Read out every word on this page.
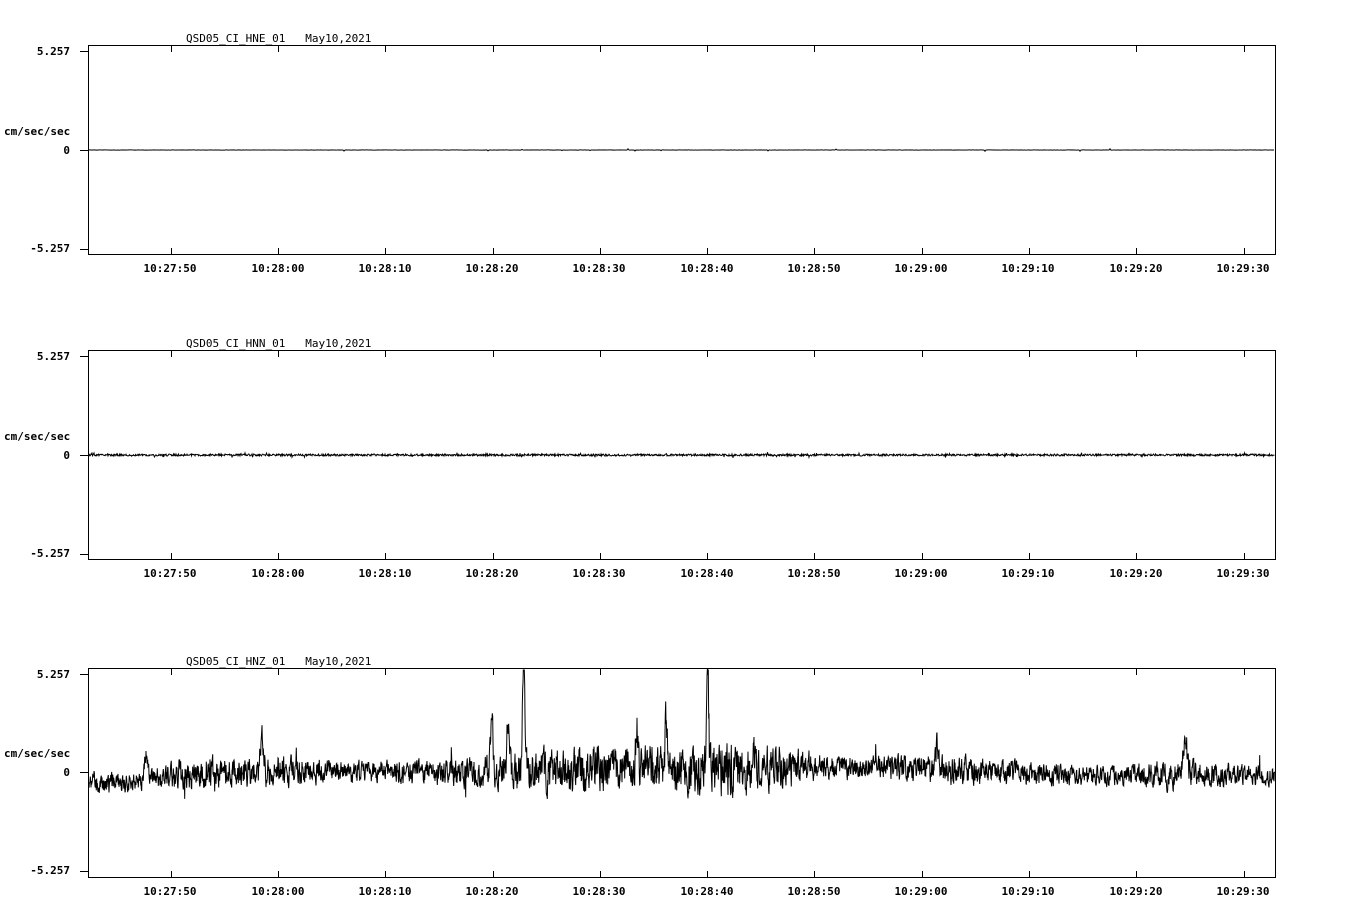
QSD05_CI_HNE_01   May10,2021
cm/sec/sec
5.257
0
-5.257
10:27:50	10:28:00	10:28:10	10:28:20	10:28:30	10:28:40	10:28:50	10:29:00	10:29:10	10:29:20	10:29:30
QSD05_CI_HNN_01   May10,2021
cm/sec/sec
5.257
0
-5.257
10:27:50	10:28:00	10:28:10	10:28:20	10:28:30	10:28:40	10:28:50	10:29:00	10:29:10	10:29:20	10:29:30
QSD05_CI_HNZ_01   May10,2021
cm/sec/sec
5.257
0
-5.257
10:27:50	10:28:00	10:28:10	10:28:20	10:28:30	10:28:40	10:28:50	10:29:00	10:29:10	10:29:20	10:29:30
